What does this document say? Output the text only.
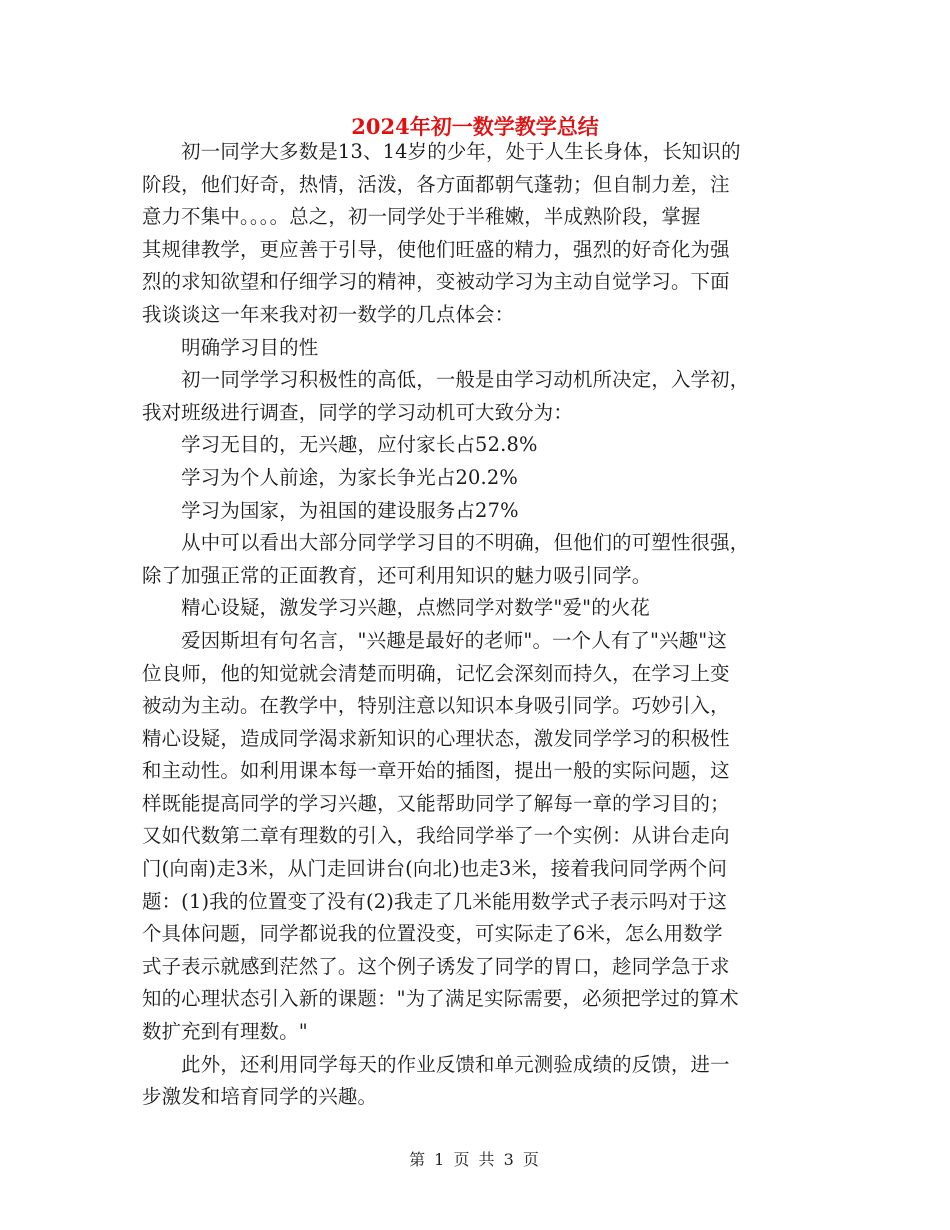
2024年初一数学教学总结
　　初一同学大多数是13、14岁的少年，处于人生长身体，长知识的
阶段，他们好奇，热情，活泼，各方面都朝气蓬勃；但自制力差，注
意力不集中。。。。总之，初一同学处于半稚嫩，半成熟阶段，掌握
其规律教学，更应善于引导，使他们旺盛的精力，强烈的好奇化为强
烈的求知欲望和仔细学习的精神，变被动学习为主动自觉学习。下面
我谈谈这一年来我对初一数学的几点体会：
　　明确学习目的性
　　初一同学学习积极性的高低，一般是由学习动机所决定，入学初，
我对班级进行调查，同学的学习动机可大致分为：
　　学习无目的，无兴趣，应付家长占52.8%
　　学习为个人前途，为家长争光占20.2%
　　学习为国家，为祖国的建设服务占27%
　　从中可以看出大部分同学学习目的不明确，但他们的可塑性很强，
除了加强正常的正面教育，还可利用知识的魅力吸引同学。
　　精心设疑，激发学习兴趣，点燃同学对数学"爱"的火花
　　爱因斯坦有句名言，"兴趣是最好的老师"。一个人有了"兴趣"这
位良师，他的知觉就会清楚而明确，记忆会深刻而持久，在学习上变
被动为主动。在教学中，特别注意以知识本身吸引同学。巧妙引入，
精心设疑，造成同学渴求新知识的心理状态，激发同学学习的积极性
和主动性。如利用课本每一章开始的插图，提出一般的实际问题，这
样既能提高同学的学习兴趣，又能帮助同学了解每一章的学习目的；
又如代数第二章有理数的引入，我给同学举了一个实例：从讲台走向
门(向南)走3米，从门走回讲台(向北)也走3米，接着我问同学两个问
题：(1)我的位置变了没有(2)我走了几米能用数学式子表示吗对于这
个具体问题，同学都说我的位置没变，可实际走了6米，怎么用数学
式子表示就感到茫然了。这个例子诱发了同学的胃口，趁同学急于求
知的心理状态引入新的课题："为了满足实际需要，必须把学过的算术
数扩充到有理数。"
　　此外，还利用同学每天的作业反馈和单元测验成绩的反馈，进一
步激发和培育同学的兴趣。
第 1 页 共 3 页
